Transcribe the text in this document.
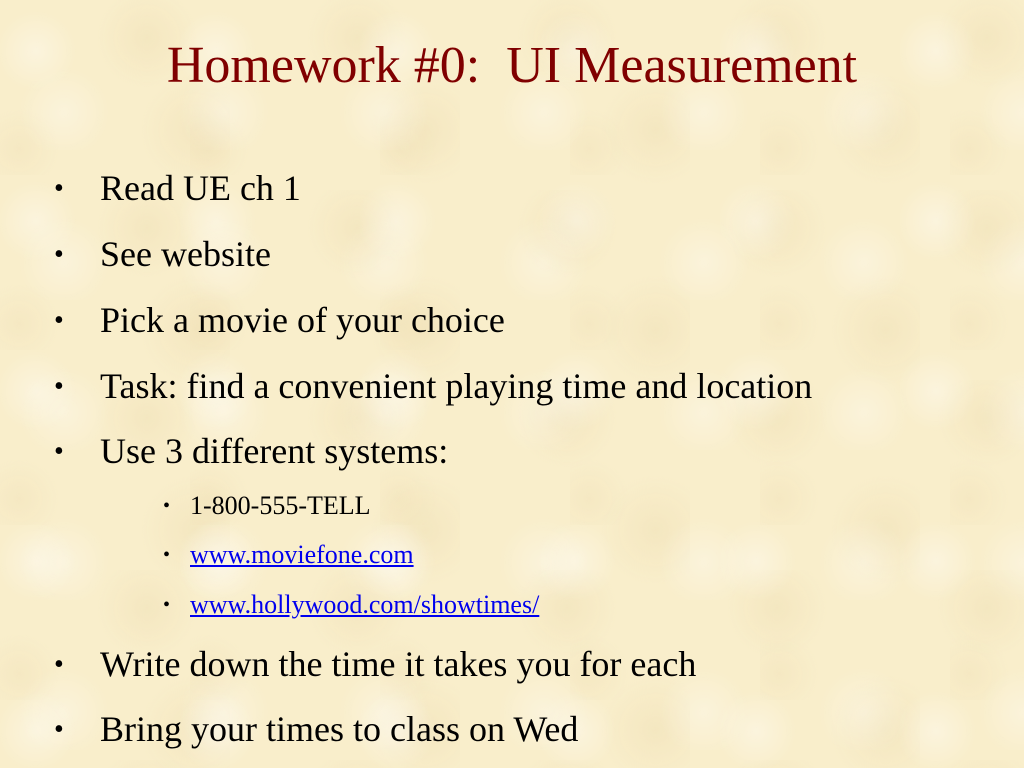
Homework #0:  UI Measurement
• Read UE ch 1
• See website
• Pick a movie of your choice
• Task: find a convenient playing time and location
• Use 3 different systems:
• 1-800-555-TELL
• www.moviefone.com
• www.hollywood.com/showtimes/
• Write down the time it takes you for each
• Bring your times to class on Wed
